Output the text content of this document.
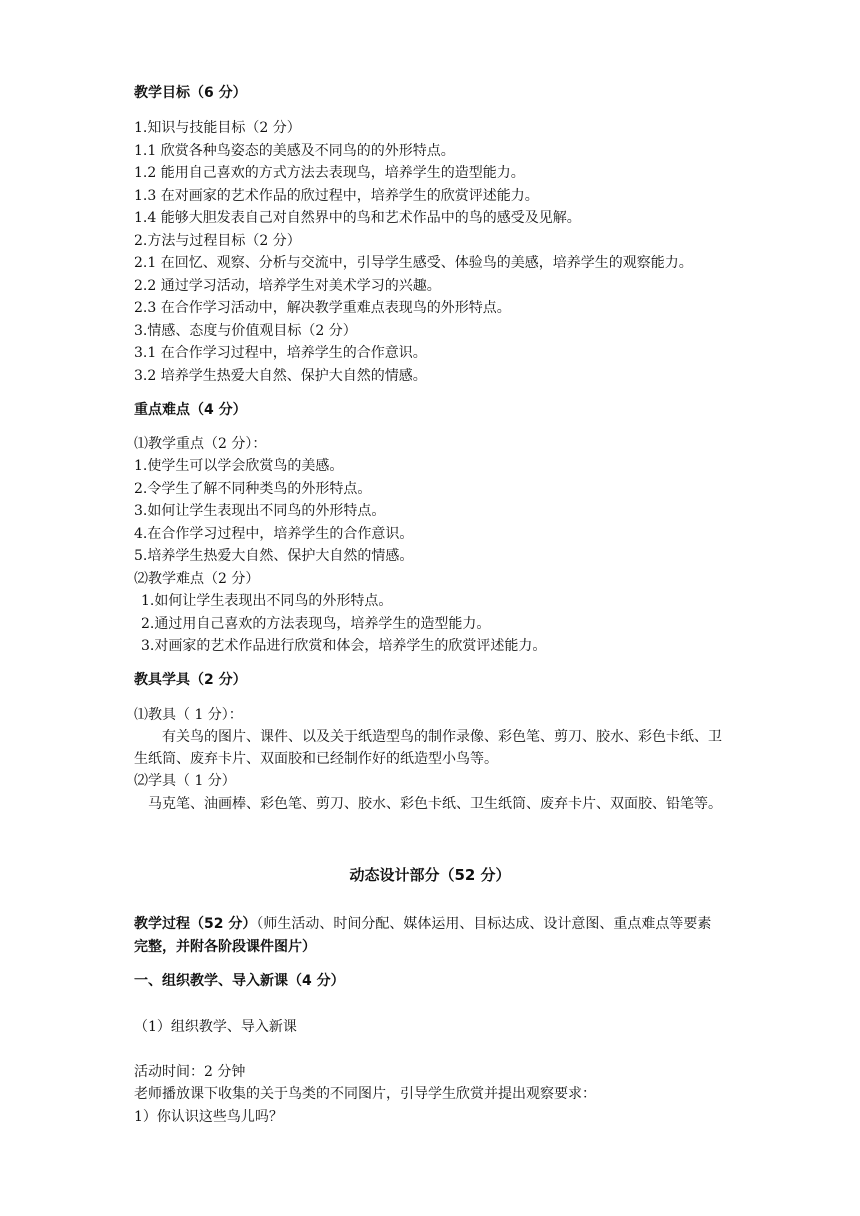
教学目标（6 分）
1.知识与技能目标（2 分）
1.1 欣赏各种鸟姿态的美感及不同鸟的的外形特点。
1.2 能用自己喜欢的方式方法去表现鸟，培养学生的造型能力。
1.3 在对画家的艺术作品的欣过程中，培养学生的欣赏评述能力。
1.4 能够大胆发表自己对自然界中的鸟和艺术作品中的鸟的感受及见解。
2.方法与过程目标（2 分）
2.1 在回忆、观察、分析与交流中，引导学生感受、体验鸟的美感，培养学生的观察能力。
2.2 通过学习活动，培养学生对美术学习的兴趣。
2.3 在合作学习活动中，解决教学重难点表现鸟的外形特点。
3.情感、态度与价值观目标（2 分）
3.1 在合作学习过程中，培养学生的合作意识。
3.2 培养学生热爱大自然、保护大自然的情感。
重点难点（4 分）
⑴教学重点（2 分）：
1.使学生可以学会欣赏鸟的美感。
2.令学生了解不同种类鸟的外形特点。
3.如何让学生表现出不同鸟的外形特点。
4.在合作学习过程中，培养学生的合作意识。
5.培养学生热爱大自然、保护大自然的情感。
⑵教学难点（2 分）
1.如何让学生表现出不同鸟的外形特点。
2.通过用自己喜欢的方法表现鸟，培养学生的造型能力。
3.对画家的艺术作品进行欣赏和体会，培养学生的欣赏评述能力。
教具学具（2 分）
⑴教具（ 1 分）：
有关鸟的图片、课件、以及关于纸造型鸟的制作录像、彩色笔、剪刀、胶水、彩色卡纸、卫
生纸筒、废弃卡片、双面胶和已经制作好的纸造型小鸟等。
⑵学具（ 1 分）
马克笔、油画棒、彩色笔、剪刀、胶水、彩色卡纸、卫生纸筒、废弃卡片、双面胶、铅笔等。
动态设计部分（52 分）
教学过程（52 分）（师生活动、时间分配、媒体运用、目标达成、设计意图、重点难点等要素
完整，并附各阶段课件图片）
一、组织教学、导入新课（4 分）
（1）组织教学、导入新课
活动时间：2 分钟
老师播放课下收集的关于鸟类的不同图片，引导学生欣赏并提出观察要求：
1）你认识这些鸟儿吗？
